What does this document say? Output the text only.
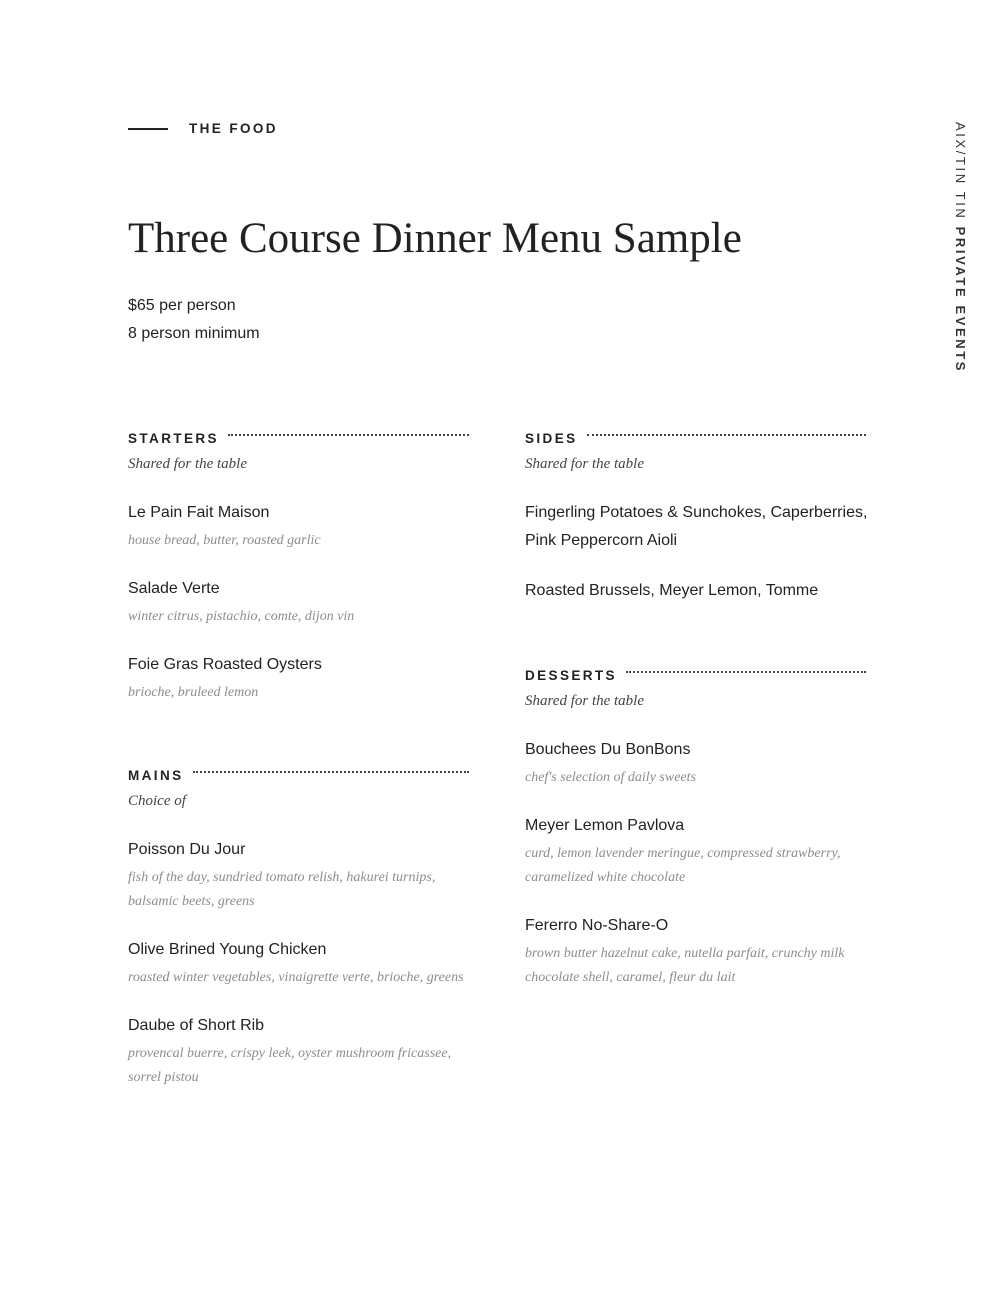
THE FOOD	AIX/TIN TIN PRIVATE EVENTS
Three Course Dinner Menu Sample
$65 per person
8 person minimum
STARTERS
Shared for the table
Le Pain Fait Maison
house bread, butter, roasted garlic
Salade Verte
winter citrus, pistachio, comte, dijon vin
Foie Gras Roasted Oysters
brioche, bruleed lemon
MAINS
Choice of
Poisson Du Jour
fish of the day, sundried tomato relish, hakurei turnips, balsamic beets, greens
Olive Brined Young Chicken
roasted winter vegetables, vinaigrette verte, brioche, greens
Daube of Short Rib
provencal buerre, crispy leek, oyster mushroom fricassee, sorrel pistou
SIDES
Shared for the table
Fingerling Potatoes & Sunchokes, Caperberries, Pink Peppercorn Aioli
Roasted Brussels, Meyer Lemon, Tomme
DESSERTS
Shared for the table
Bouchees Du BonBons
chef's selection of daily sweets
Meyer Lemon Pavlova
curd, lemon lavender meringue, compressed strawberry, caramelized white chocolate
Fererro No-Share-O
brown butter hazelnut cake, nutella parfait, crunchy milk chocolate shell, caramel, fleur du lait
